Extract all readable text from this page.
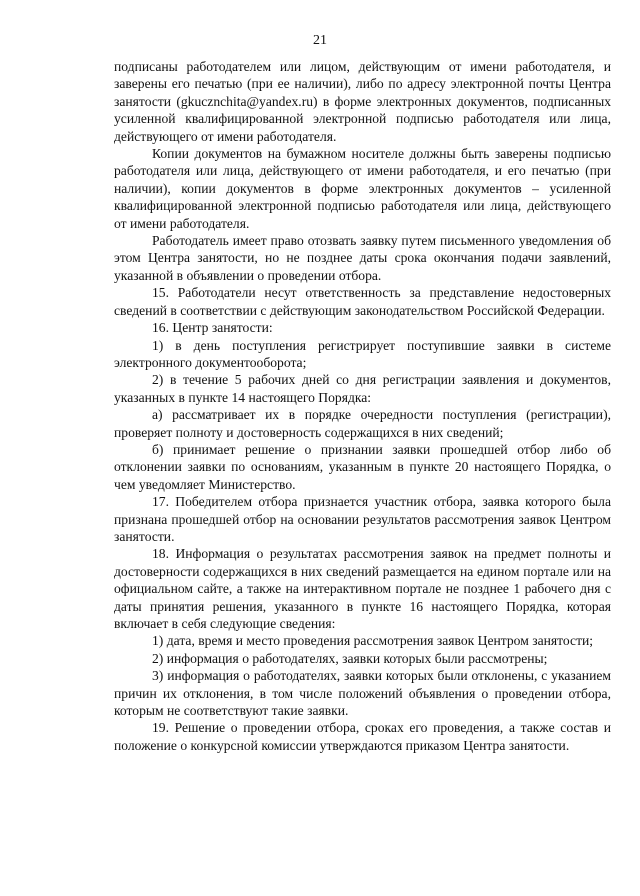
21

подписаны работодателем или лицом, действующим от имени работодателя, и заверены его печатью (при ее наличии), либо по адресу электронной почты Центра занятости (gkucznchita@yandex.ru) в форме электронных документов, подписанных усиленной квалифицированной электронной подписью работодателя или лица, действующего от имени работодателя.

Копии документов на бумажном носителе должны быть заверены подписью работодателя или лица, действующего от имени работодателя, и его печатью (при наличии), копии документов в форме электронных документов – усиленной квалифицированной электронной подписью работодателя или лица, действующего от имени работодателя.

Работодатель имеет право отозвать заявку путем письменного уведомления об этом Центра занятости, но не позднее даты срока окончания подачи заявлений, указанной в объявлении о проведении отбора.

15. Работодатели несут ответственность за представление недостоверных сведений в соответствии с действующим законодательством Российской Федерации.

16. Центр занятости:

1) в день поступления регистрирует поступившие заявки в системе электронного документооборота;

2) в течение 5 рабочих дней со дня регистрации заявления и документов, указанных в пункте 14 настоящего Порядка:

а) рассматривает их в порядке очередности поступления (регистрации), проверяет полноту и достоверность содержащихся в них сведений;

б) принимает решение о признании заявки прошедшей отбор либо об отклонении заявки по основаниям, указанным в пункте 20 настоящего Порядка, о чем уведомляет Министерство.

17. Победителем отбора признается участник отбора, заявка которого была признана прошедшей отбор на основании результатов рассмотрения заявок Центром занятости.

18. Информация о результатах рассмотрения заявок на предмет полноты и достоверности содержащихся в них сведений размещается на едином портале или на официальном сайте, а также на интерактивном портале не позднее 1 рабочего дня с даты принятия решения, указанного в пункте 16 настоящего Порядка, которая включает в себя следующие сведения:

1) дата, время и место проведения рассмотрения заявок Центром занятости;

2) информация о работодателях, заявки которых были рассмотрены;

3) информация о работодателях, заявки которых были отклонены, с указанием причин их отклонения, в том числе положений объявления о проведении отбора, которым не соответствуют такие заявки.

19. Решение о проведении отбора, сроках его проведения, а также состав и положение о конкурсной комиссии утверждаются приказом Центра занятости.
